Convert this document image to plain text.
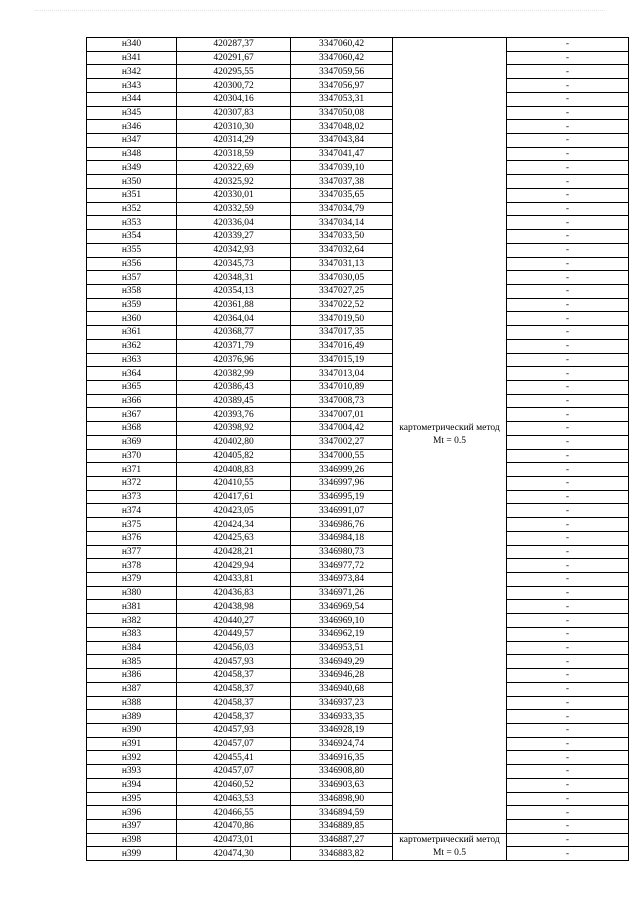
н340	420287,37	3347060,42	картометрический метод Mt = 0.5	-
н341	420291,67	3347060,42		-
н342	420295,55	3347059,56		-
н343	420300,72	3347056,97		-
н344	420304,16	3347053,31		-
н345	420307,83	3347050,08		-
н346	420310,30	3347048,02		-
н347	420314,29	3347043,84		-
н348	420318,59	3347041,47		-
н349	420322,69	3347039,10		-
н350	420325,92	3347037,38		-
н351	420330,01	3347035,65		-
н352	420332,59	3347034,79		-
н353	420336,04	3347034,14		-
н354	420339,27	3347033,50		-
н355	420342,93	3347032,64		-
н356	420345,73	3347031,13		-
н357	420348,31	3347030,05		-
н358	420354,13	3347027,25		-
н359	420361,88	3347022,52		-
н360	420364,04	3347019,50		-
н361	420368,77	3347017,35		-
н362	420371,79	3347016,49		-
н363	420376,96	3347015,19		-
н364	420382,99	3347013,04		-
н365	420386,43	3347010,89		-
н366	420389,45	3347008,73		-
н367	420393,76	3347007,01		-
н368	420398,92	3347004,42		-
н369	420402,80	3347002,27		-
н370	420405,82	3347000,55		-
н371	420408,83	3346999,26		-
н372	420410,55	3346997,96		-
н373	420417,61	3346995,19		-
н374	420423,05	3346991,07		-
н375	420424,34	3346986,76		-
н376	420425,63	3346984,18		-
н377	420428,21	3346980,73		-
н378	420429,94	3346977,72		-
н379	420433,81	3346973,84		-
н380	420436,83	3346971,26		-
н381	420438,98	3346969,54		-
н382	420440,27	3346969,10		-
н383	420449,57	3346962,19		-
н384	420456,03	3346953,51		-
н385	420457,93	3346949,29		-
н386	420458,37	3346946,28		-
н387	420458,37	3346940,68		-
н388	420458,37	3346937,23		-
н389	420458,37	3346933,35		-
н390	420457,93	3346928,19		-
н391	420457,07	3346924,74		-
н392	420455,41	3346916,35		-
н393	420457,07	3346908,80		-
н394	420460,52	3346903,63		-
н395	420463,53	3346898,90		-
н396	420466,55	3346894,59		-
н397	420470,86	3346889,85		-
н398	420473,01	3346887,27	картометрический метод Mt = 0.5	-
н399	420474,30	3346883,82		-
